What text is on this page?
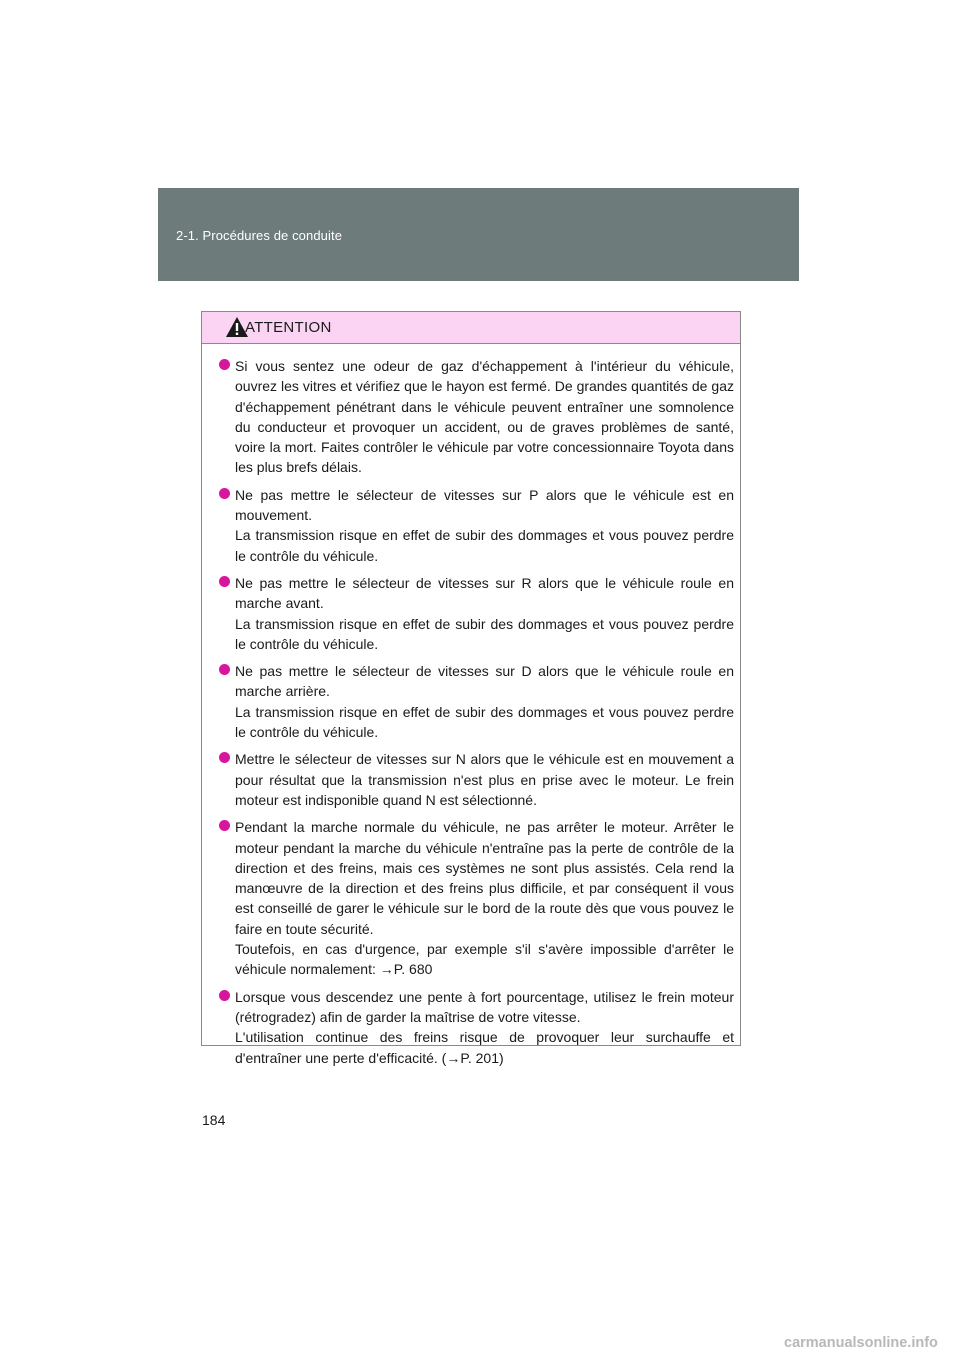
2-1. Procédures de conduite
ATTENTION

Si vous sentez une odeur de gaz d'échappement à l'intérieur du véhicule, ouvrez les vitres et vérifiez que le hayon est fermé. De grandes quantités de gaz d'échappement pénétrant dans le véhicule peuvent entraîner une somnolence du conducteur et provoquer un accident, ou de graves problèmes de santé, voire la mort. Faites contrôler le véhicule par votre concessionnaire Toyota dans les plus brefs délais.

Ne pas mettre le sélecteur de vitesses sur P alors que le véhicule est en mouvement.

La transmission risque en effet de subir des dommages et vous pouvez perdre le contrôle du véhicule.

Ne pas mettre le sélecteur de vitesses sur R alors que le véhicule roule en marche avant.

La transmission risque en effet de subir des dommages et vous pouvez perdre le contrôle du véhicule.

Ne pas mettre le sélecteur de vitesses sur D alors que le véhicule roule en marche arrière.

La transmission risque en effet de subir des dommages et vous pouvez perdre le contrôle du véhicule.

Mettre le sélecteur de vitesses sur N alors que le véhicule est en mouvement a pour résultat que la transmission n'est plus en prise avec le moteur. Le frein moteur est indisponible quand N est sélectionné.

Pendant la marche normale du véhicule, ne pas arrêter le moteur. Arrêter le moteur pendant la marche du véhicule n'entraîne pas la perte de contrôle de la direction et des freins, mais ces systèmes ne sont plus assistés. Cela rend la manœuvre de la direction et des freins plus difficile, et par conséquent il vous est conseillé de garer le véhicule sur le bord de la route dès que vous pouvez le faire en toute sécurité.

Toutefois, en cas d'urgence, par exemple s'il s'avère impossible d'arrêter le véhicule normalement: →P. 680

Lorsque vous descendez une pente à fort pourcentage, utilisez le frein moteur (rétrogradez) afin de garder la maîtrise de votre vitesse.

L'utilisation continue des freins risque de provoquer leur surchauffe et d'entraîner une perte d'efficacité. (→P. 201)

184
carmanualsonline.info
